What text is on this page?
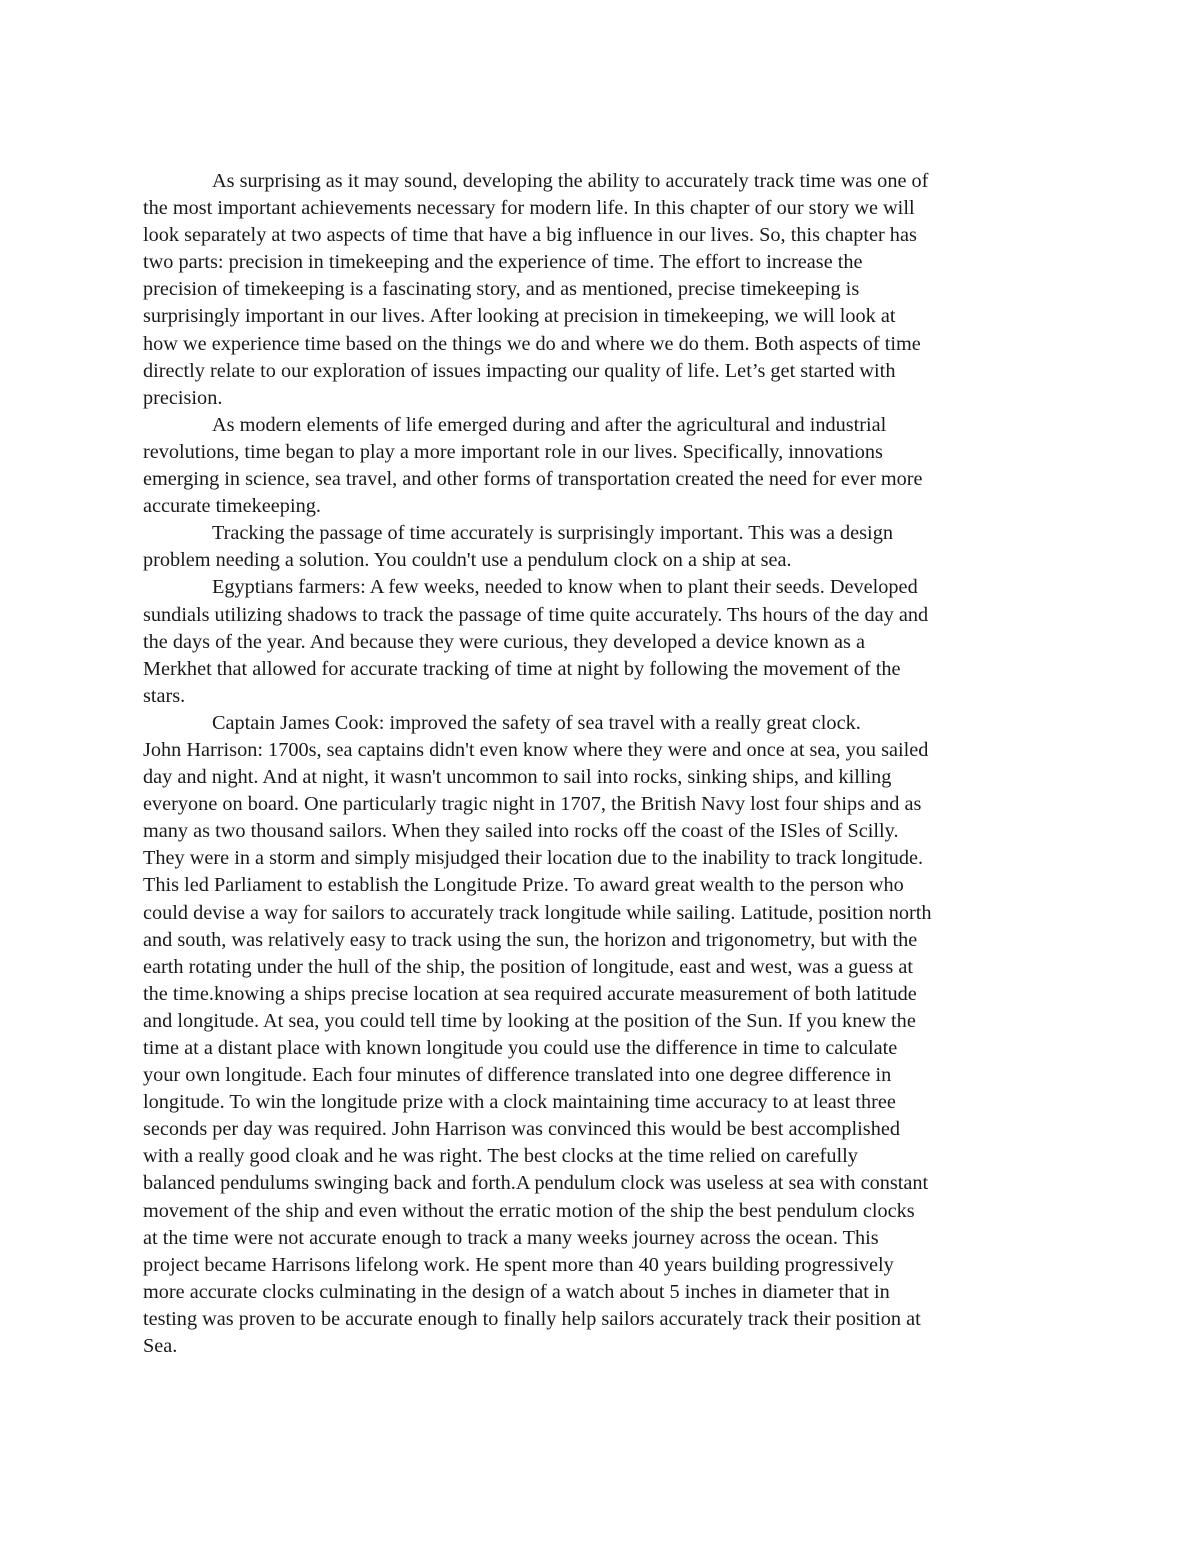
As surprising as it may sound, developing the ability to accurately track time was one of
the most important achievements necessary for modern life. In this chapter of our story we will
look separately at two aspects of time that have a big influence in our lives. So, this chapter has
two parts: precision in timekeeping and the experience of time. The effort to increase the
precision of timekeeping is a fascinating story, and as mentioned, precise timekeeping is
surprisingly important in our lives. After looking at precision in timekeeping, we will look at
how we experience time based on the things we do and where we do them. Both aspects of time
directly relate to our exploration of issues impacting our quality of life. Let’s get started with
precision.
As modern elements of life emerged during and after the agricultural and industrial
revolutions, time began to play a more important role in our lives. Specifically, innovations
emerging in science, sea travel, and other forms of transportation created the need for ever more
accurate timekeeping.
Tracking the passage of time accurately is surprisingly important. This was a design
problem needing a solution. You couldn't use a pendulum clock on a ship at sea.
Egyptians farmers: A few weeks, needed to know when to plant their seeds. Developed
sundials utilizing shadows to track the passage of time quite accurately. Ths hours of the day and
the days of the year. And because they were curious, they developed a device known as a
Merkhet that allowed for accurate tracking of time at night by following the movement of the
stars.
Captain James Cook: improved the safety of sea travel with a really great clock.
John Harrison: 1700s, sea captains didn't even know where they were and once at sea, you sailed
day and night. And at night, it wasn't uncommon to sail into rocks, sinking ships, and killing
everyone on board. One particularly tragic night in 1707, the British Navy lost four ships and as
many as two thousand sailors. When they sailed into rocks off the coast of the ISles of Scilly.
They were in a storm and simply misjudged their location due to the inability to track longitude.
This led Parliament to establish the Longitude Prize. To award great wealth to the person who
could devise a way for sailors to accurately track longitude while sailing. Latitude, position north
and south, was relatively easy to track using the sun, the horizon and trigonometry, but with the
earth rotating under the hull of the ship, the position of longitude, east and west, was a guess at
the time.knowing a ships precise location at sea required accurate measurement of both latitude
and longitude. At sea, you could tell time by looking at the position of the Sun. If you knew the
time at a distant place with known longitude you could use the difference in time to calculate
your own longitude. Each four minutes of difference translated into one degree difference in
longitude. To win the longitude prize with a clock maintaining time accuracy to at least three
seconds per day was required. John Harrison was convinced this would be best accomplished
with a really good cloak and he was right. The best clocks at the time relied on carefully
balanced pendulums swinging back and forth.A pendulum clock was useless at sea with constant
movement of the ship and even without the erratic motion of the ship the best pendulum clocks
at the time were not accurate enough to track a many weeks journey across the ocean. This
project became Harrisons lifelong work. He spent more than 40 years building progressively
more accurate clocks culminating in the design of a watch about 5 inches in diameter that in
testing was proven to be accurate enough to finally help sailors accurately track their position at
Sea.
